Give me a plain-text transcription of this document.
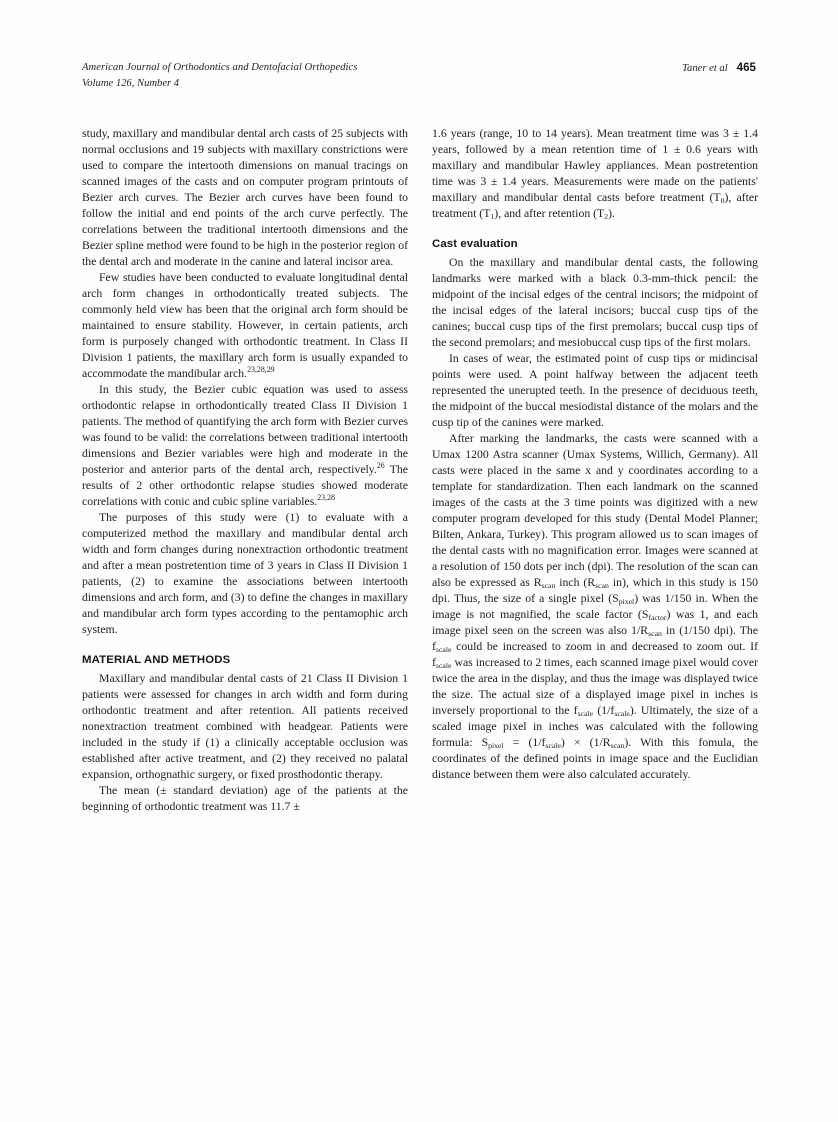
American Journal of Orthodontics and Dentofacial Orthopedics
Volume 126, Number 4
Taner et al 465

study, maxillary and mandibular dental arch casts of 25 subjects with normal occlusions and 19 subjects with maxillary constrictions were used to compare the intertooth dimensions on manual tracings on scanned images of the casts and on computer program printouts of Bezier arch curves. The Bezier arch curves have been found to follow the initial and end points of the arch curve perfectly. The correlations between the traditional intertooth dimensions and the Bezier spline method were found to be high in the posterior region of the dental arch and moderate in the canine and lateral incisor area.

Few studies have been conducted to evaluate longitudinal dental arch form changes in orthodontically treated subjects. The commonly held view has been that the original arch form should be maintained to ensure stability. However, in certain patients, arch form is purposely changed with orthodontic treatment. In Class II Division 1 patients, the maxillary arch form is usually expanded to accommodate the mandibular arch.$^{23,28,29}$

In this study, the Bezier cubic equation was used to assess orthodontic relapse in orthodontically treated Class II Division 1 patients. The method of quantifying the arch form with Bezier curves was found to be valid: the correlations between traditional intertooth dimensions and Bezier variables were high and moderate in the posterior and anterior parts of the dental arch, respectively.$^{26}$ The results of 2 other orthodontic relapse studies showed moderate correlations with conic and cubic spline variables.$^{23,28}$

The purposes of this study were (1) to evaluate with a computerized method the maxillary and mandibular dental arch width and form changes during nonextraction orthodontic treatment and after a mean postretention time of 3 years in Class II Division 1 patients, (2) to examine the associations between intertooth dimensions and arch form, and (3) to define the changes in maxillary and mandibular arch form types according to the pentamophic arch system.

MATERIAL AND METHODS

Maxillary and mandibular dental casts of 21 Class II Division 1 patients were assessed for changes in arch width and form during orthodontic treatment and after retention. All patients received nonextraction treatment combined with headgear. Patients were included in the study if (1) a clinically acceptable occlusion was established after active treatment, and (2) they received no palatal expansion, orthognathic surgery, or fixed prosthodontic therapy.

The mean (± standard deviation) age of the patients at the beginning of orthodontic treatment was 11.7 ±

1.6 years (range, 10 to 14 years). Mean treatment time was 3 ± 1.4 years, followed by a mean retention time of 1 ± 0.6 years with maxillary and mandibular Hawley appliances. Mean postretention time was 3 ± 1.4 years. Measurements were made on the patients' maxillary and mandibular dental casts before treatment $(T_0)$, after treatment $(T_1)$, and after retention $(T_2)$.

Cast evaluation

On the maxillary and mandibular dental casts, the following landmarks were marked with a black 0.3-mm-thick pencil: the midpoint of the incisal edges of the central incisors; the midpoint of the incisal edges of the lateral incisors; buccal cusp tips of the canines; buccal cusp tips of the first premolars; buccal cusp tips of the second premolars; and mesiobuccal cusp tips of the first molars.

In cases of wear, the estimated point of cusp tips or midincisal points were used. A point halfway between the adjacent teeth represented the unerupted teeth. In the presence of deciduous teeth, the midpoint of the buccal mesiodistal distance of the molars and the cusp tip of the canines were marked.

After marking the landmarks, the casts were scanned with a Umax 1200 Astra scanner (Umax Systems, Willich, Germany). All casts were placed in the same x and y coordinates according to a template for standardization. Then each landmark on the scanned images of the casts at the 3 time points was digitized with a new computer program developed for this study (Dental Model Planner; Bilten, Ankara, Turkey). This program allowed us to scan images of the dental casts with no magnification error. Images were scanned at a resolution of 150 dots per inch (dpi). The resolution of the scan can also be expressed as $R_{scan}$ inch ($R_{scan}$ in), which in this study is 150 dpi. Thus, the size of a single pixel $(S_{pixel})$ was 1/150 in. When the image is not magnified, the scale factor $(S_{factor})$ was 1, and each image pixel seen on the screen was also $1/R_{scan}$ in (1/150 dpi). The $f_{scale}$ could be increased to zoom in and decreased to zoom out. If $f_{scale}$ was increased to 2 times, each scanned image pixel would cover twice the area in the display, and thus the image was displayed twice the size. The actual size of a displayed image pixel in inches is inversely proportional to the $f_{scale}$ $(1/f_{scale})$. Ultimately, the size of a scaled image pixel in inches was calculated with the following formula: $S_{pixel} = (1/f_{scale}) \times (1/R_{scan})$. With this fomula, the coordinates of the defined points in image space and the Euclidian distance between them were also calculated accurately.
